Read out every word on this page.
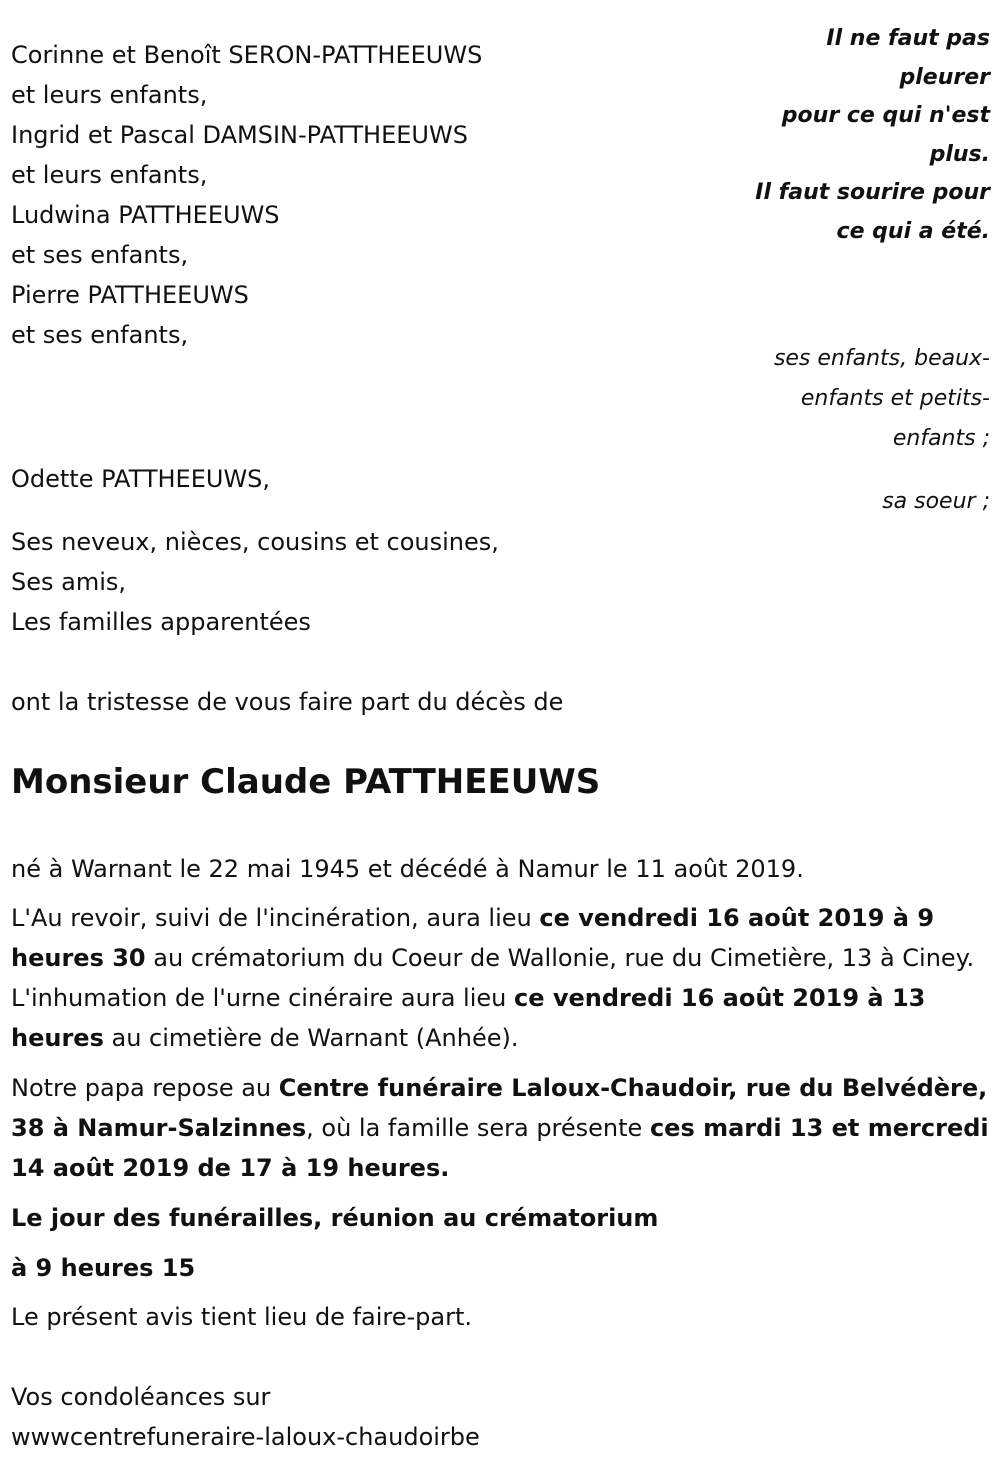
Corinne et Benoît SERON-PATTHEEUWS
et leurs enfants,
Ingrid et Pascal DAMSIN-PATTHEEUWS
et leurs enfants,
Ludwina PATTHEEUWS
et ses enfants,
Pierre PATTHEEUWS
et ses enfants,
Il ne faut pas
pleurer
pour ce qui n'est
plus.
Il faut sourire pour
ce qui a été.
ses enfants, beaux-
enfants et petits-
enfants ;
sa soeur ;
Odette PATTHEEUWS,
Ses neveux, nièces, cousins et cousines,
Ses amis,
Les familles apparentées
ont la tristesse de vous faire part du décès de
Monsieur Claude PATTHEEUWS
né à Warnant le 22 mai 1945 et décédé à Namur le 11 août 2019.
L'Au revoir, suivi de l'incinération, aura lieu ce vendredi 16 août 2019 à 9 heures 30 au crématorium du Coeur de Wallonie, rue du Cimetière, 13 à Ciney. L'inhumation de l'urne cinéraire aura lieu ce vendredi 16 août 2019 à 13 heures au cimetière de Warnant (Anhée).
Notre papa repose au Centre funéraire Laloux-Chaudoir, rue du Belvédère, 38 à Namur-Salzinnes, où la famille sera présente ces mardi 13 et mercredi 14 août 2019 de 17 à 19 heures.
Le jour des funérailles, réunion au crématorium
à 9 heures 15
Le présent avis tient lieu de faire-part.
Vos condoléances sur
wwwcentrefuneraire-laloux-chaudoirbe
